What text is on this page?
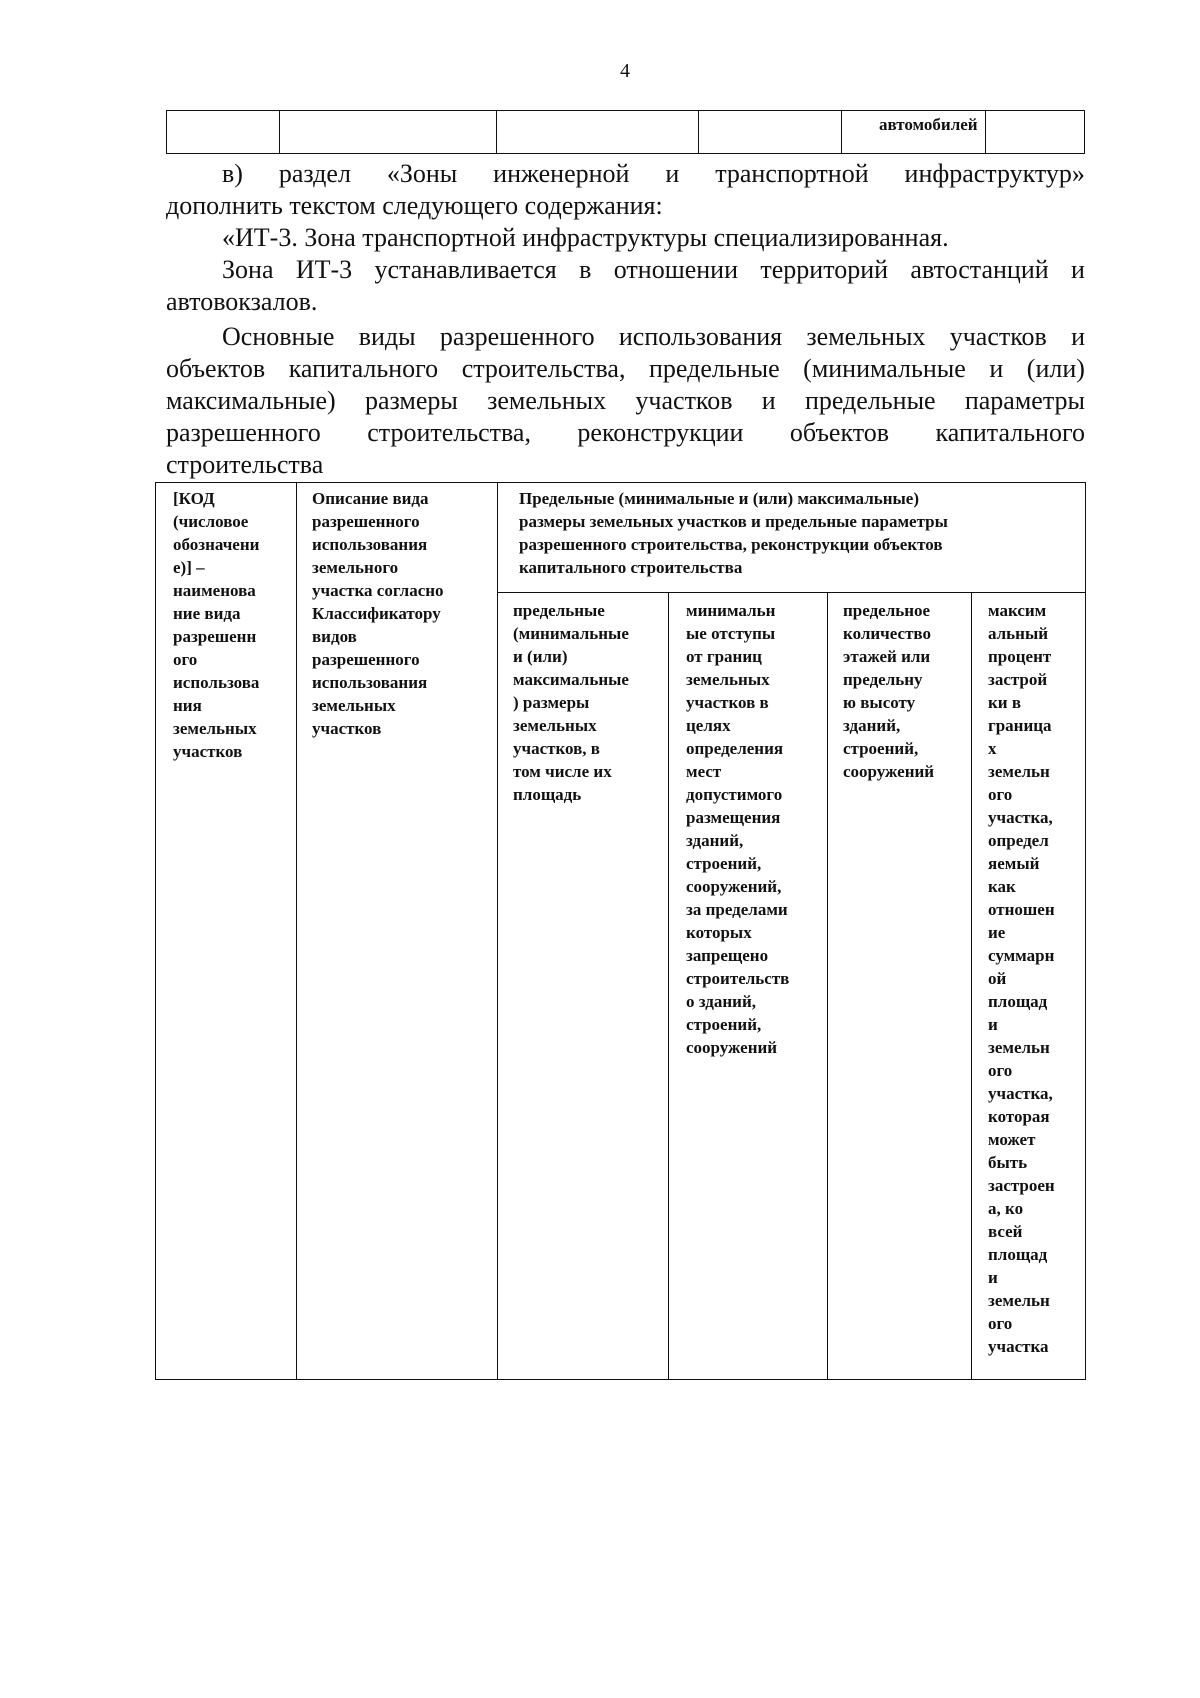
4
автомобилей
в) раздел «Зоны инженерной и транспортной инфраструктур»
дополнить текстом следующего содержания:
«ИТ-3. Зона транспортной инфраструктуры специализированная.
Зона ИТ-3 устанавливается в отношении территорий автостанций и
автовокзалов.
Основные виды разрешенного использования земельных участков и
объектов капитального строительства, предельные (минимальные и (или)
максимальные) размеры земельных участков и предельные параметры
разрешенного строительства, реконструкции объектов капитального
строительства
[КОД
(числовое
обозначени
е)] –
наименова
ние вида
разрешенн
ого
использова
ния
земельных
участков
Описание вида
разрешенного
использования
земельного
участка согласно
Классификатору
видов
разрешенного
использования
земельных
участков
Предельные (минимальные и (или) максимальные)
размеры земельных участков и предельные параметры
разрешенного строительства, реконструкции объектов
капитального строительства
предельные
(минимальные
и (или)
максимальные
) размеры
земельных
участков, в
том числе их
площадь
минимальн
ые отступы
от границ
земельных
участков в
целях
определения
мест
допустимого
размещения
зданий,
строений,
сооружений,
за пределами
которых
запрещено
строительств
о зданий,
строений,
сооружений
предельное
количество
этажей или
предельну
ю высоту
зданий,
строений,
сооружений
максим
альный
процент
застрой
ки в
границa
х
земельн
ого
участка,
определ
яемый
как
отношен
ие
суммарн
ой
площад
и
земельн
ого
участка,
которая
может
быть
застроен
а, ко
всей
площад
и
земельн
ого
участка
